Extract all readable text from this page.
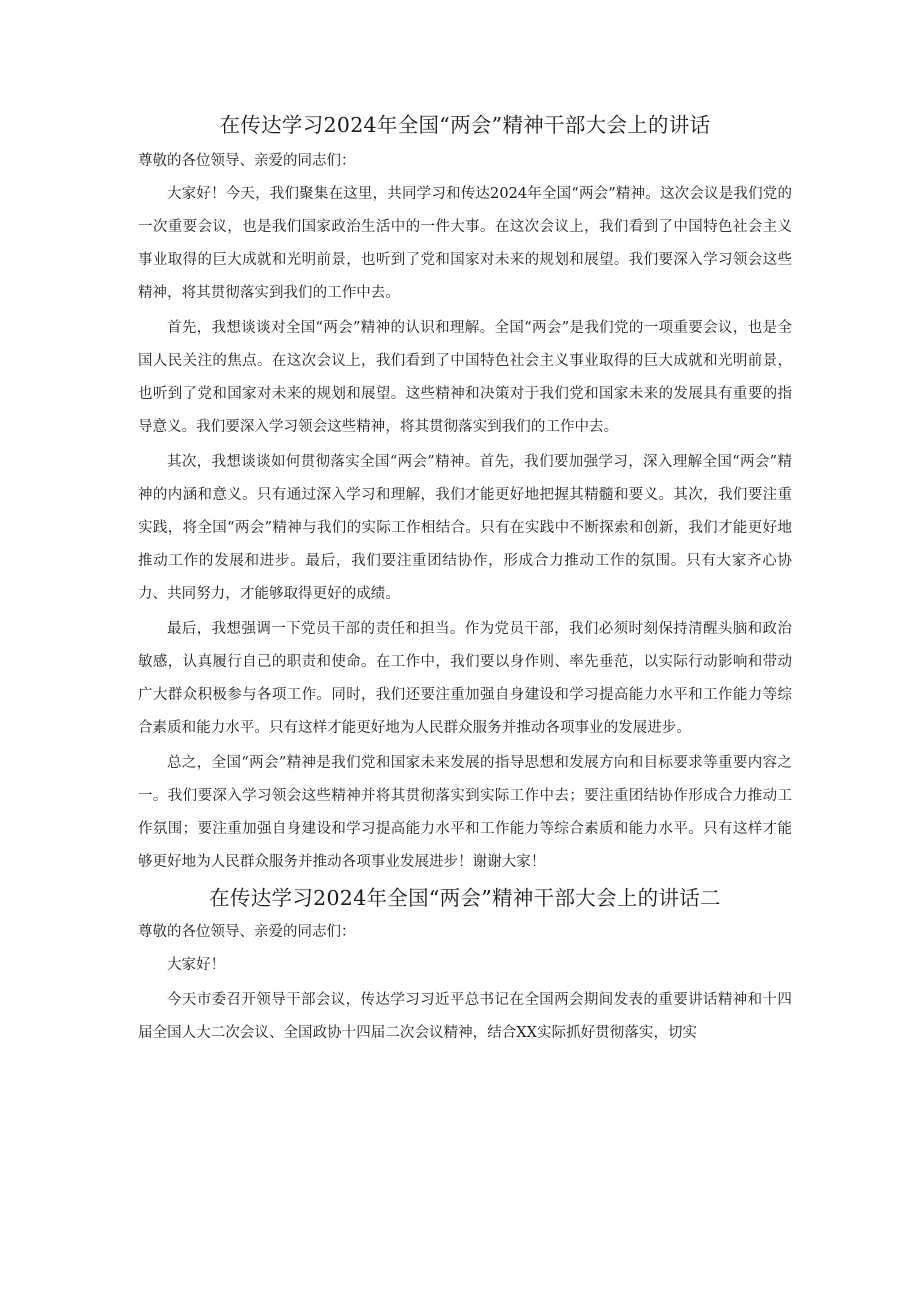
在传达学习2024年全国“两会”精神干部大会上的讲话

尊敬的各位领导、亲爱的同志们：

大家好！今天，我们聚集在这里，共同学习和传达2024年全国“两会”精神。这次会议是我们党的一次重要会议，也是我们国家政治生活中的一件大事。在这次会议上，我们看到了中国特色社会主义事业取得的巨大成就和光明前景，也听到了党和国家对未来的规划和展望。我们要深入学习领会这些精神，将其贯彻落实到我们的工作中去。

首先，我想谈谈对全国“两会”精神的认识和理解。全国“两会”是我们党的一项重要会议，也是全国人民关注的焦点。在这次会议上，我们看到了中国特色社会主义事业取得的巨大成就和光明前景，也听到了党和国家对未来的规划和展望。这些精神和决策对于我们党和国家未来的发展具有重要的指导意义。我们要深入学习领会这些精神，将其贯彻落实到我们的工作中去。

其次，我想谈谈如何贯彻落实全国“两会”精神。首先，我们要加强学习，深入理解全国“两会”精神的内涵和意义。只有通过深入学习和理解，我们才能更好地把握其精髓和要义。其次，我们要注重实践，将全国“两会”精神与我们的实际工作相结合。只有在实践中不断探索和创新，我们才能更好地推动工作的发展和进步。最后，我们要注重团结协作，形成合力推动工作的氛围。只有大家齐心协力、共同努力，才能够取得更好的成绩。

最后，我想强调一下党员干部的责任和担当。作为党员干部，我们必须时刻保持清醒头脑和政治敏感，认真履行自己的职责和使命。在工作中，我们要以身作则、率先垂范，以实际行动影响和带动广大群众积极参与各项工作。同时，我们还要注重加强自身建设和学习提高能力水平和工作能力等综合素质和能力水平。只有这样才能更好地为人民群众服务并推动各项事业的发展进步。

总之，全国“两会”精神是我们党和国家未来发展的指导思想和发展方向和目标要求等重要内容之一。我们要深入学习领会这些精神并将其贯彻落实到实际工作中去；要注重团结协作形成合力推动工作氛围；要注重加强自身建设和学习提高能力水平和工作能力等综合素质和能力水平。只有这样才能够更好地为人民群众服务并推动各项事业发展进步！谢谢大家！

在传达学习2024年全国“两会”精神干部大会上的讲话二

尊敬的各位领导、亲爱的同志们：

大家好！

今天市委召开领导干部会议，传达学习习近平总书记在全国两会期间发表的重要讲话精神和十四届全国人大二次会议、全国政协十四届二次会议精神，结合XX实际抓好贯彻落实，切实
